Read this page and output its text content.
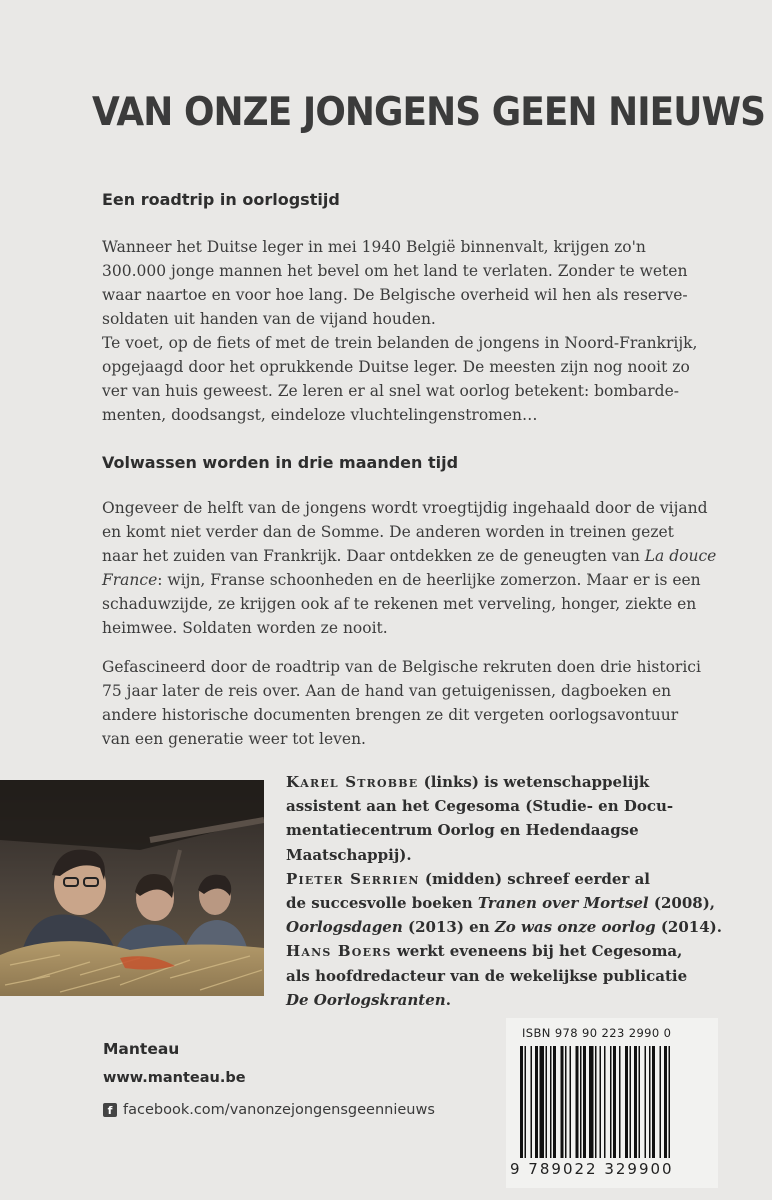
VAN ONZE JONGENS GEEN NIEUWS
Een roadtrip in oorlogstijd
Wanneer het Duitse leger in mei 1940 België binnenvalt, krijgen zo'n
300.000 jonge mannen het bevel om het land te verlaten. Zonder te weten
waar naartoe en voor hoe lang. De Belgische overheid wil hen als reserve-
soldaten uit handen van de vijand houden.
Te voet, op de fiets of met de trein belanden de jongens in Noord-Frankrijk,
opgejaagd door het oprukkende Duitse leger. De meesten zijn nog nooit zo
ver van huis geweest. Ze leren er al snel wat oorlog betekent: bombarde-
menten, doodsangst, eindeloze vluchtelingenstromen…
Volwassen worden in drie maanden tijd
Ongeveer de helft van de jongens wordt vroegtijdig ingehaald door de vijand
en komt niet verder dan de Somme. De anderen worden in treinen gezet
naar het zuiden van Frankrijk. Daar ontdekken ze de geneugten van La douce
France: wijn, Franse schoonheden en de heerlijke zomerzon. Maar er is een
schaduwzijde, ze krijgen ook af te rekenen met verveling, honger, ziekte en
heimwee. Soldaten worden ze nooit.
Gefascineerd door de roadtrip van de Belgische rekruten doen drie historici
75 jaar later de reis over. Aan de hand van getuigenissen, dagboeken en
andere historische documenten brengen ze dit vergeten oorlogsavontuur
van een generatie weer tot leven.
Karel Strobbe (links) is wetenschappelijk
assistent aan het Cegesoma (Studie- en Docu-
mentatiecentrum Oorlog en Hedendaagse
Maatschappij).
Pieter Serrien (midden) schreef eerder al
de succesvolle boeken Tranen over Mortsel (2008),
Oorlogsdagen (2013) en Zo was onze oorlog (2014).
Hans Boers werkt eveneens bij het Cegesoma,
als hoofdredacteur van de wekelijkse publicatie
De Oorlogskranten.
Manteau
www.manteau.be
f facebook.com/vanonzejongensgeennieuws
ISBN 978 90 223 2990 0
9 789022 329900
